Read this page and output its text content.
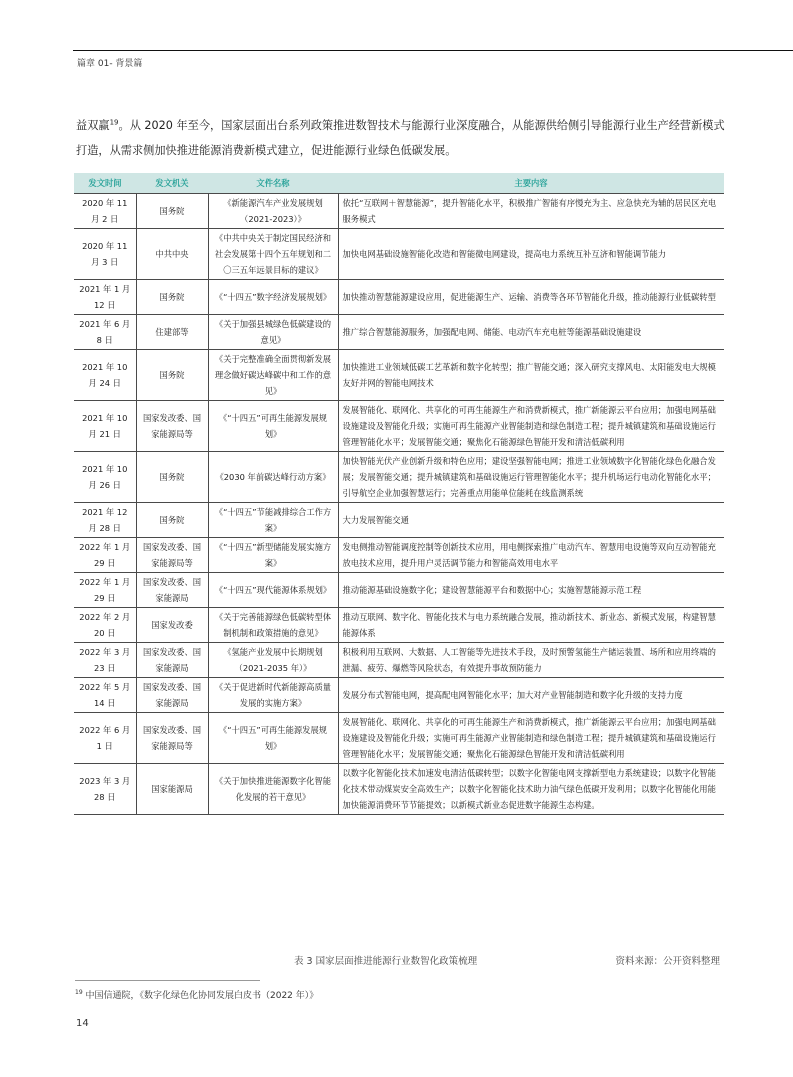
篇章 01- 背景篇
益双赢$^{19}$。从 2020 年至今，国家层面出台系列政策推进数智技术与能源行业深度融合，从能源供给侧引导能源行业生产经营新模式打造，从需求侧加快推进能源消费新模式建立，促进能源行业绿色低碳发展。
发文时间	发文机关	文件名称	主要内容
2020 年 11 月 2 日	国务院	《新能源汽车产业发展规划（2021-2023）》	依托“互联网＋智慧能源”，提升智能化水平，积极推广智能有序慢充为主、应急快充为辅的居民区充电服务模式
2020 年 11 月 3 日	中共中央	《中共中央关于制定国民经济和社会发展第十四个五年规划和二〇三五年远景目标的建议》	加快电网基础设施智能化改造和智能微电网建设，提高电力系统互补互济和智能调节能力
2021 年 1 月 12 日	国务院	《“十四五”数字经济发展规划》	加快推动智慧能源建设应用，促进能源生产、运输、消费等各环节智能化升级，推动能源行业低碳转型
2021 年 6 月 8 日	住建部等	《关于加强县城绿色低碳建设的意见》	推广综合智慧能源服务，加强配电网、储能、电动汽车充电桩等能源基础设施建设
2021 年 10 月 24 日	国务院	《关于完整准确全面贯彻新发展理念做好碳达峰碳中和工作的意见》	加快推进工业领域低碳工艺革新和数字化转型；推广智能交通；深入研究支撑风电、太阳能发电大规模友好并网的智能电网技术
2021 年 10 月 21 日	国家发改委、国家能源局等	《“十四五”可再生能源发展规划》	发展智能化、联网化、共享化的可再生能源生产和消费新模式，推广新能源云平台应用；加强电网基础设施建设及智能化升级；实施可再生能源产业智能制造和绿色制造工程；提升城镇建筑和基础设施运行管理智能化水平；发展智能交通；聚焦化石能源绿色智能开发和清洁低碳利用
2021 年 10 月 26 日	国务院	《2030 年前碳达峰行动方案》	加快智能光伏产业创新升级和特色应用；建设坚强智能电网；推进工业领域数字化智能化绿色化融合发展；发展智能交通；提升城镇建筑和基础设施运行管理智能化水平；提升机场运行电动化智能化水平；引导航空企业加强智慧运行；完善重点用能单位能耗在线监测系统
2021 年 12 月 28 日	国务院	《“十四五”节能减排综合工作方案》	大力发展智能交通
2022 年 1 月 29 日	国家发改委、国家能源局等	《“十四五”新型储能发展实施方案》	发电侧推动智能调度控制等创新技术应用，用电侧探索推广电动汽车、智慧用电设施等双向互动智能充放电技术应用，提升用户灵活调节能力和智能高效用电水平
2022 年 1 月 29 日	国家发改委、国家能源局	《“十四五”现代能源体系规划》	推动能源基础设施数字化；建设智慧能源平台和数据中心；实施智慧能源示范工程
2022 年 2 月 20 日	国家发改委	《关于完善能源绿色低碳转型体制机制和政策措施的意见》	推动互联网、数字化、智能化技术与电力系统融合发展，推动新技术、新业态、新模式发展，构建智慧能源体系
2022 年 3 月 23 日	国家发改委、国家能源局	《氢能产业发展中长期规划（2021-2035 年）》	积极利用互联网、大数据、人工智能等先进技术手段，及时预警氢能生产储运装置、场所和应用终端的泄漏、疲劳、爆燃等风险状态，有效提升事故预防能力
2022 年 5 月 14 日	国家发改委、国家能源局	《关于促进新时代新能源高质量发展的实施方案》	发展分布式智能电网，提高配电网智能化水平；加大对产业智能制造和数字化升级的支持力度
2022 年 6 月 1 日	国家发改委、国家能源局等	《“十四五”可再生能源发展规划》	发展智能化、联网化、共享化的可再生能源生产和消费新模式，推广新能源云平台应用；加强电网基础设施建设及智能化升级；实施可再生能源产业智能制造和绿色制造工程；提升城镇建筑和基础设施运行管理智能化水平；发展智能交通；聚焦化石能源绿色智能开发和清洁低碳利用
2023 年 3 月 28 日	国家能源局	《关于加快推进能源数字化智能化发展的若干意见》	以数字化智能化技术加速发电清洁低碳转型；以数字化智能电网支撑新型电力系统建设；以数字化智能化技术带动煤炭安全高效生产；以数字化智能化技术助力油气绿色低碳开发利用；以数字化智能化用能加快能源消费环节节能提效；以新模式新业态促进数字能源生态构建。
表 3 国家层面推进能源行业数智化政策梳理	资料来源：公开资料整理
$^{19}$ 中国信通院，《数字化绿色化协同发展白皮书（2022 年）》
14
